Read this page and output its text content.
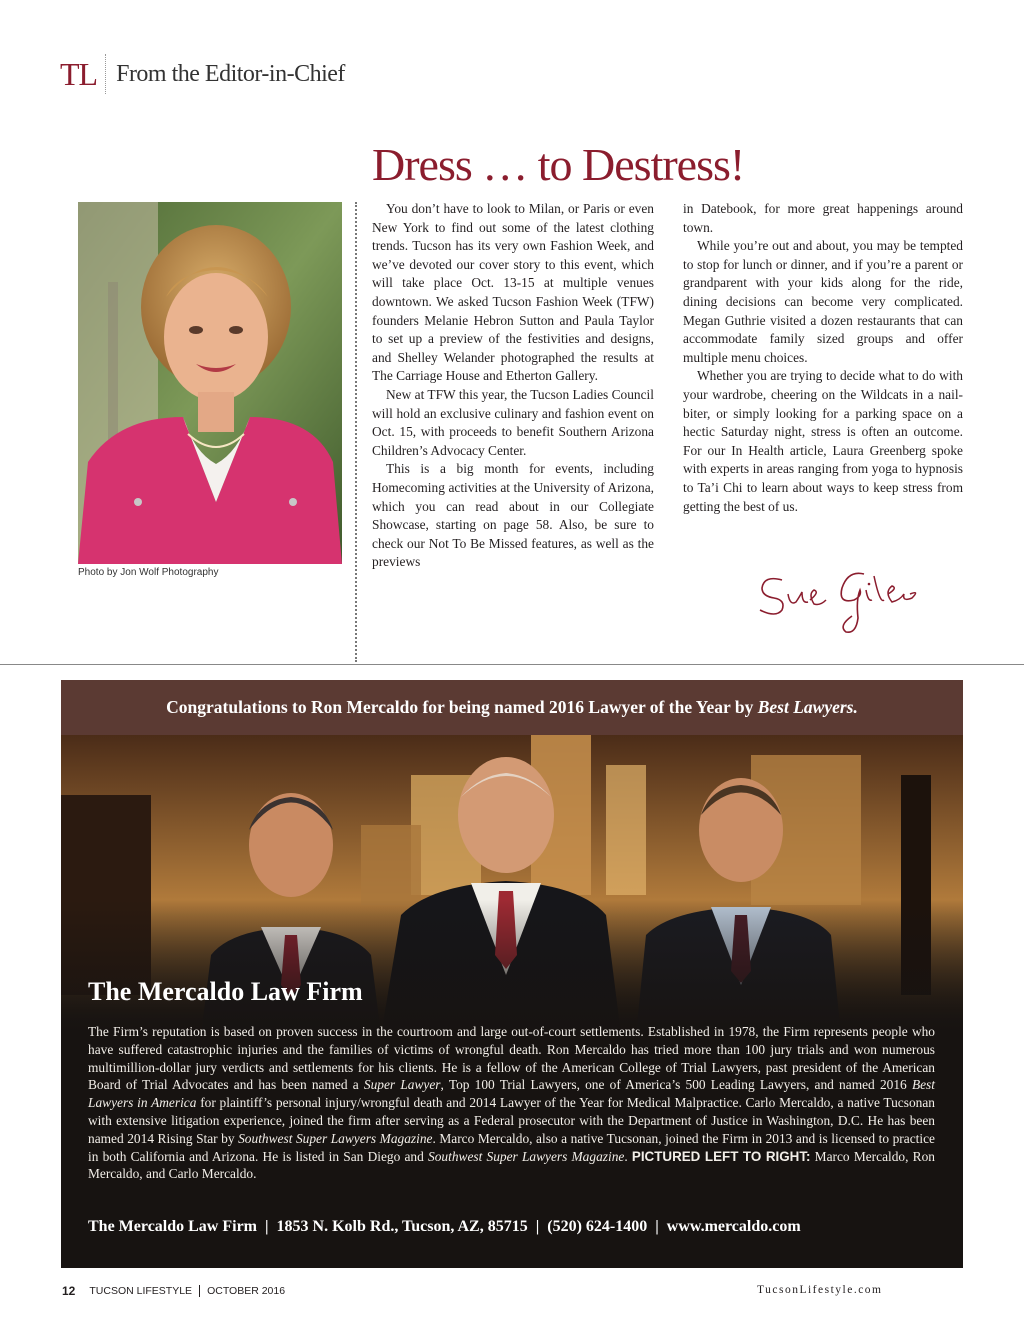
TL From the Editor-in-Chief
Dress … to Destress!
Photo by Jon Wolf Photography

You don’t have to look to Milan, or Paris or even New York to find out some of the latest clothing trends. Tucson has its very own Fashion Week, and we’ve devoted our cover story to this event, which will take place Oct. 13-15 at multiple venues downtown. We asked Tucson Fashion Week (TFW) founders Melanie Hebron Sutton and Paula Taylor to set up a preview of the festivities and designs, and Shelley Welander photographed the results at The Carriage House and Etherton Gallery.

New at TFW this year, the Tucson Ladies Council will hold an exclusive culinary and fashion event on Oct. 15, with proceeds to benefit Southern Arizona Children’s Advocacy Center.

This is a big month for events, including Homecoming activities at the University of Arizona, which you can read about in our Collegiate Showcase, starting on page 58. Also, be sure to check our Not To Be Missed features, as well as the previews

in Datebook, for more great happenings around town.

While you’re out and about, you may be tempted to stop for lunch or dinner, and if you’re a parent or grandparent with your kids along for the ride, dining decisions can become very complicated. Megan Guthrie visited a dozen restaurants that can accommodate family sized groups and offer multiple menu choices.

Whether you are trying to decide what to do with your wardrobe, cheering on the Wildcats in a nail-biter, or simply looking for a parking space on a hectic Saturday night, stress is often an outcome. For our In Health article, Laura Greenberg spoke with experts in areas ranging from yoga to hypnosis to Ta’i Chi to learn about ways to keep stress from getting the best of us.

Congratulations to Ron Mercaldo for being named 2016 Lawyer of the Year by Best Lawyers.
The Mercaldo Law Firm
The Firm’s reputation is based on proven success in the courtroom and large out-of-court settlements. Established in 1978, the Firm represents people who have suffered catastrophic injuries and the families of victims of wrongful death. Ron Mercaldo has tried more than 100 jury trials and won numerous multimillion-dollar jury verdicts and settlements for his clients. He is a fellow of the American College of Trial Lawyers, past president of the American Board of Trial Advocates and has been named a Super Lawyer, Top 100 Trial Lawyers, one of America’s 500 Leading Lawyers, and named 2016 Best Lawyers in America for plaintiff’s personal injury/wrongful death and 2014 Lawyer of the Year for Medical Malpractice. Carlo Mercaldo, a native Tucsonan with extensive litigation experience, joined the firm after serving as a Federal prosecutor with the Department of Justice in Washington, D.C. He has been named 2014 Rising Star by Southwest Super Lawyers Magazine. Marco Mercaldo, also a native Tucsonan, joined the Firm in 2013 and is licensed to practice in both California and Arizona. He is listed in San Diego and Southwest Super Lawyers Magazine. PICTURED LEFT TO RIGHT: Marco Mercaldo, Ron Mercaldo, and Carlo Mercaldo.
The Mercaldo Law Firm | 1853 N. Kolb Rd., Tucson, AZ, 85715 | (520) 624-1400 | www.mercaldo.com
12 TUCSON LIFESTYLE OCTOBER 2016	TucsonLifestyle.com
